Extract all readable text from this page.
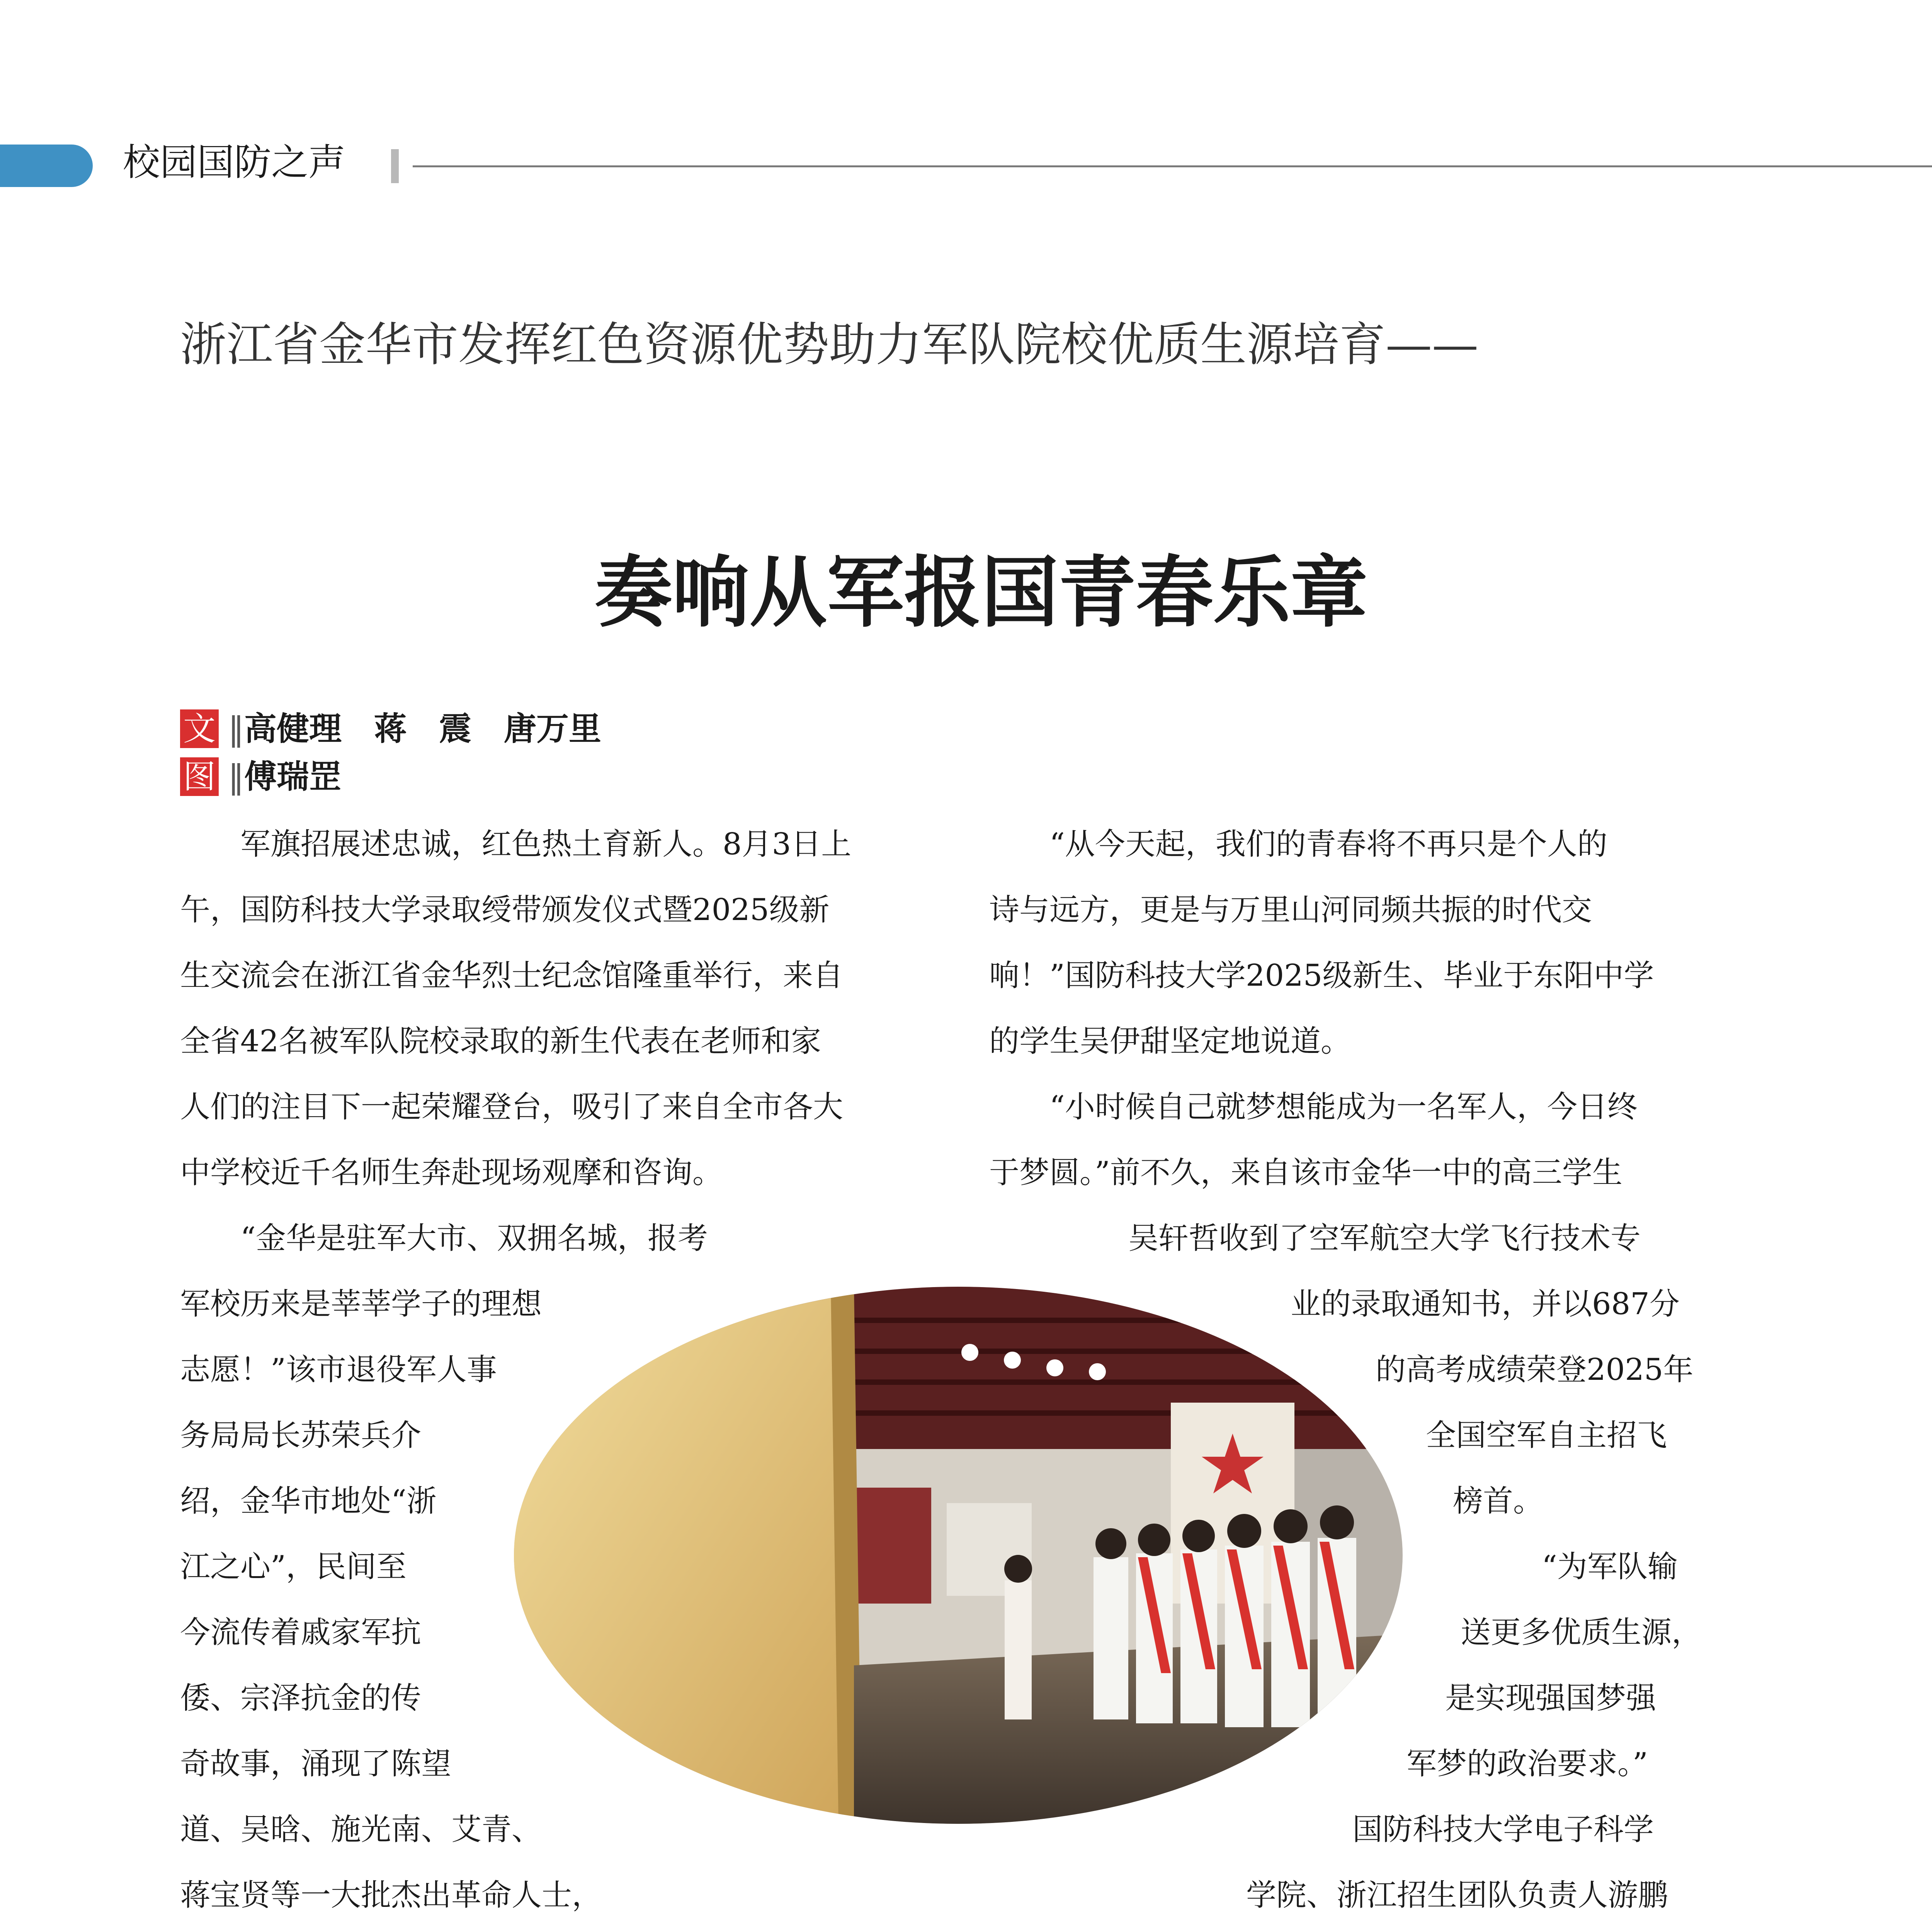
校园国防之声
浙江省金华市发挥红色资源优势助力军队院校优质生源培育——
奏响从军报国青春乐章
文 ‖高健理　蒋　震　唐万里
图 ‖傅瑞罡
　　军旗招展述忠诚，红色热土育新人。8月3日上
午，国防科技大学录取绶带颁发仪式暨2025级新
生交流会在浙江省金华烈士纪念馆隆重举行，来自
全省42名被军队院校录取的新生代表在老师和家
人们的注目下一起荣耀登台，吸引了来自全市各大
中学校近千名师生奔赴现场观摩和咨询。
　　“金华是驻军大市、双拥名城，报考
军校历来是莘莘学子的理想
志愿！”该市退役军人事
务局局长苏荣兵介
绍，金华市地处“浙
江之心”，民间至
今流传着戚家军抗
倭、宗泽抗金的传
奇故事，涌现了陈望
道、吴晗、施光南、艾青、
蒋宝贤等一大批杰出革命人士，
　　“从今天起，我们的青春将不再只是个人的
诗与远方，更是与万里山河同频共振的时代交
响！”国防科技大学2025级新生、毕业于东阳中学
的学生吴伊甜坚定地说道。
　　“小时候自己就梦想能成为一名军人，今日终
于梦圆。”前不久，来自该市金华一中的高三学生
吴轩哲收到了空军航空大学飞行技术专
业的录取通知书，并以687分
的高考成绩荣登2025年
全国空军自主招飞
榜首。
“为军队输
送更多优质生源，
是实现强国梦强
军梦的政治要求。”
国防科技大学电子科学
学院、浙江招生团队负责人游鹏
